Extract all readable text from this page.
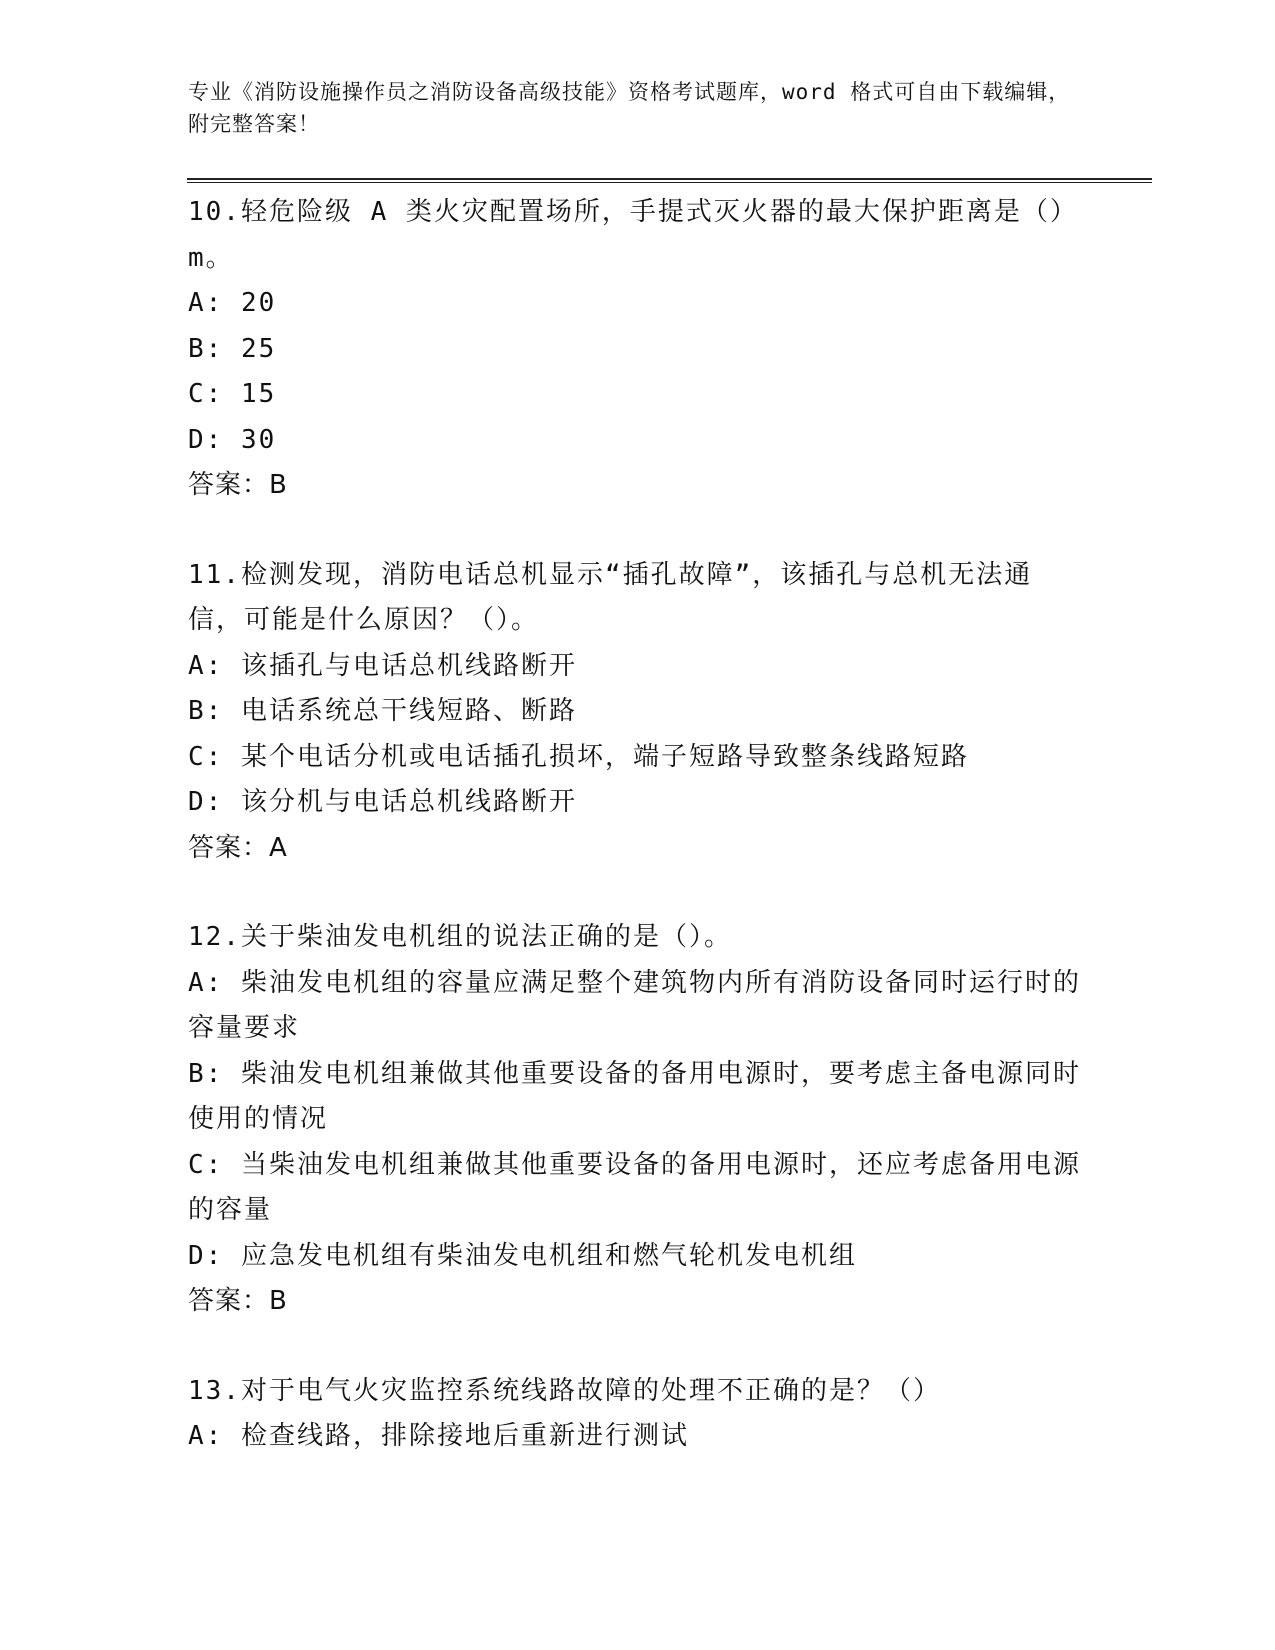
专业《消防设施操作员之消防设备高级技能》资格考试题库，word 格式可自由下载编辑，附完整答案！
10.轻危险级 A 类火灾配置场所，手提式灭火器的最大保护距离是（）m。
A: 20
B: 25
C: 15
D: 30
答案：B
11.检测发现，消防电话总机显示“插孔故障”，该插孔与总机无法通信，可能是什么原因？（）。
A: 该插孔与电话总机线路断开
B: 电话系统总干线短路、断路
C: 某个电话分机或电话插孔损坏，端子短路导致整条线路短路
D: 该分机与电话总机线路断开
答案：A
12.关于柴油发电机组的说法正确的是（）。
A: 柴油发电机组的容量应满足整个建筑物内所有消防设备同时运行时的容量要求
B: 柴油发电机组兼做其他重要设备的备用电源时，要考虑主备电源同时使用的情况
C: 当柴油发电机组兼做其他重要设备的备用电源时，还应考虑备用电源的容量
D: 应急发电机组有柴油发电机组和燃气轮机发电机组
答案：B
13.对于电气火灾监控系统线路故障的处理不正确的是？（）
A: 检查线路，排除接地后重新进行测试
